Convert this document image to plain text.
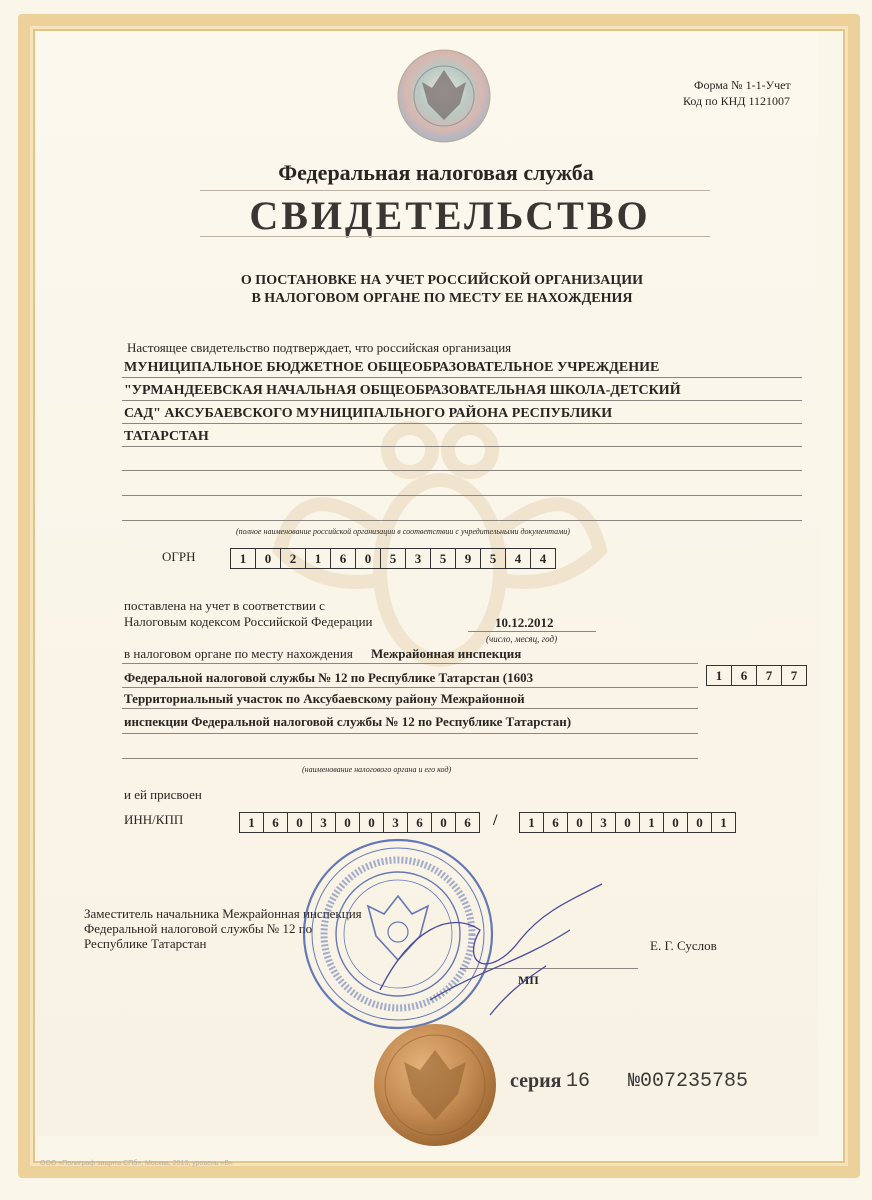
Форма № 1-1-Учет
Код по КНД 1121007
Федеральная налоговая служба
СВИДЕТЕЛЬСТВО
О ПОСТАНОВКЕ НА УЧЕТ РОССИЙСКОЙ ОРГАНИЗАЦИИ
В НАЛОГОВОМ ОРГАНЕ ПО МЕСТУ ЕЕ НАХОЖДЕНИЯ
Настоящее свидетельство подтверждает, что российская организация
МУНИЦИПАЛЬНОЕ БЮДЖЕТНОЕ ОБЩЕОБРАЗОВАТЕЛЬНОЕ УЧРЕЖДЕНИЕ
"УРМАНДЕЕВСКАЯ НАЧАЛЬНАЯ ОБЩЕОБРАЗОВАТЕЛЬНАЯ ШКОЛА-ДЕТСКИЙ
САД" АКСУБАЕВСКОГО МУНИЦИПАЛЬНОГО РАЙОНА РЕСПУБЛИКИ
ТАТАРСТАН
(полное наименование российской организации в соответствии с учредительными документами)
ОГРН	1	0	2	1	6	0	5	3	5	9	5	4	4
поставлена на учет в соответствии с
Налоговым кодексом Российской Федерации	10.12.2012
(число, месяц, год)
в налоговом органе по месту нахождения Межрайонная инспекция
Федеральной налоговой службы № 12 по Республике Татарстан (1603	1	6	7	7
Территориальный участок по Аксубаевскому району Межрайонной
инспекции Федеральной налоговой службы № 12 по Республике Татарстан)
(наименование налогового органа и его код)
и ей присвоен
ИНН/КПП	1	6	0	3	0	0	3	6	0	6	/	1	6	0	3	0	1	0	0	1
Заместитель начальника Межрайонная инспекция
Федеральной налоговой службы № 12 по
Республике Татарстан	Е. Г. Суслов
МП
серия 16 №007235785
ООО «Полиграф-защита СПб», Москва, 2013, уровень «В»
